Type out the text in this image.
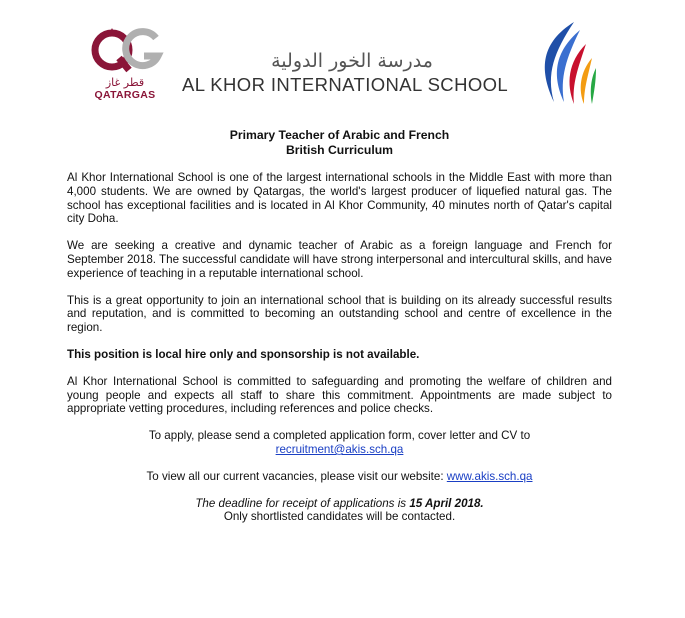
قطر غاز
QATARGAS
مدرسة الخور الدولية
AL KHOR INTERNATIONAL SCHOOL
Primary Teacher of Arabic and French
British Curriculum

Al Khor International School is one of the largest international schools in the Middle East with more than 4,000 students. We are owned by Qatargas, the world's largest producer of liquefied natural gas. The school has exceptional facilities and is located in Al Khor Community, 40 minutes north of Qatar's capital city Doha.

We are seeking a creative and dynamic teacher of Arabic as a foreign language and French for September 2018. The successful candidate will have strong interpersonal and intercultural skills, and have experience of teaching in a reputable international school.

This is a great opportunity to join an international school that is building on its already successful results and reputation, and is committed to becoming an outstanding school and centre of excellence in the region.

This position is local hire only and sponsorship is not available.

Al Khor International School is committed to safeguarding and promoting the welfare of children and young people and expects all staff to share this commitment. Appointments are made subject to appropriate vetting procedures, including references and police checks.

To apply, please send a completed application form, cover letter and CV to
recruitment@akis.sch.qa

To view all our current vacancies, please visit our website: www.akis.sch.qa

The deadline for receipt of applications is 15 April 2018.
Only shortlisted candidates will be contacted.
